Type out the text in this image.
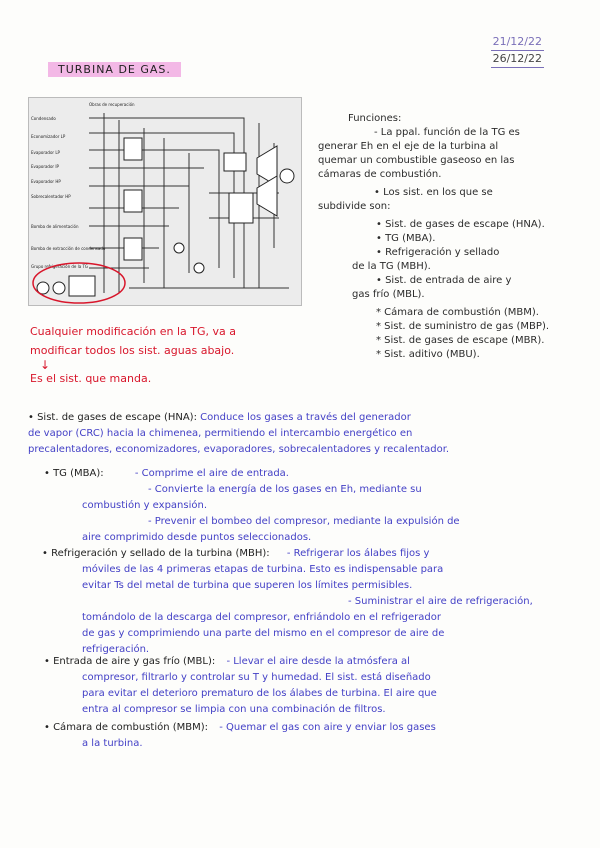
21/12/22
26/12/22
TURBINA DE GAS.
Obras de recuperación
Condensado
Economizador LP
Evaporador LP
Evaporador IP
Evaporador HP
Sobrecalentador HP
Bomba de alimentación
Bomba de extracción de condensado
Grupo refrigeración de la TG

Funciones:

- La ppal. función de la TG es

generar Eh en el eje de la turbina al

quemar un combustible gaseoso en las

cámaras de combustión.

• Los sist. en los que se

subdivide son:

• Sist. de gases de escape (HNA).

• TG (MBA).

• Refrigeración y sellado

de la TG (MBH).

• Sist. de entrada de aire y

gas frío (MBL).

* Cámara de combustión (MBM).

* Sist. de suministro de gas (MBP).

* Sist. de gases de escape (MBR).

* Sist. aditivo (MBU).

Cualquier modificación en la TG, va a
modificar todos los sist. aguas abajo.
↓
Es el sist. que manda.
• Sist. de gases de escape (HNA): Conduce los gases a través del generador
de vapor (CRC) hacia la chimenea, permitiendo el intercambio energético en
precalentadores, economizadores, evaporadores, sobrecalentadores y recalentador.
• TG (MBA):	- Comprime el aire de entrada.
- Convierte la energía de los gases en Eh, mediante su
combustión y expansión.
- Prevenir el bombeo del compresor, mediante la expulsión de
aire comprimido desde puntos seleccionados.
• Refrigeración y sellado de la turbina (MBH): - Refrigerar los álabes fijos y
móviles de las 4 primeras etapas de turbina. Esto es indispensable para
evitar Ts del metal de turbina que superen los límites permisibles.
- Suministrar el aire de refrigeración,
tomándolo de la descarga del compresor, enfriándolo en el refrigerador
de gas y comprimiendo una parte del mismo en el compresor de aire de
refrigeración.
• Entrada de aire y gas frío (MBL): - Llevar el aire desde la atmósfera al
compresor, filtrarlo y controlar su T y humedad. El sist. está diseñado
para evitar el deterioro prematuro de los álabes de turbina. El aire que
entra al compresor se limpia con una combinación de filtros.
• Cámara de combustión (MBM): - Quemar el gas con aire y enviar los gases
a la turbina.
